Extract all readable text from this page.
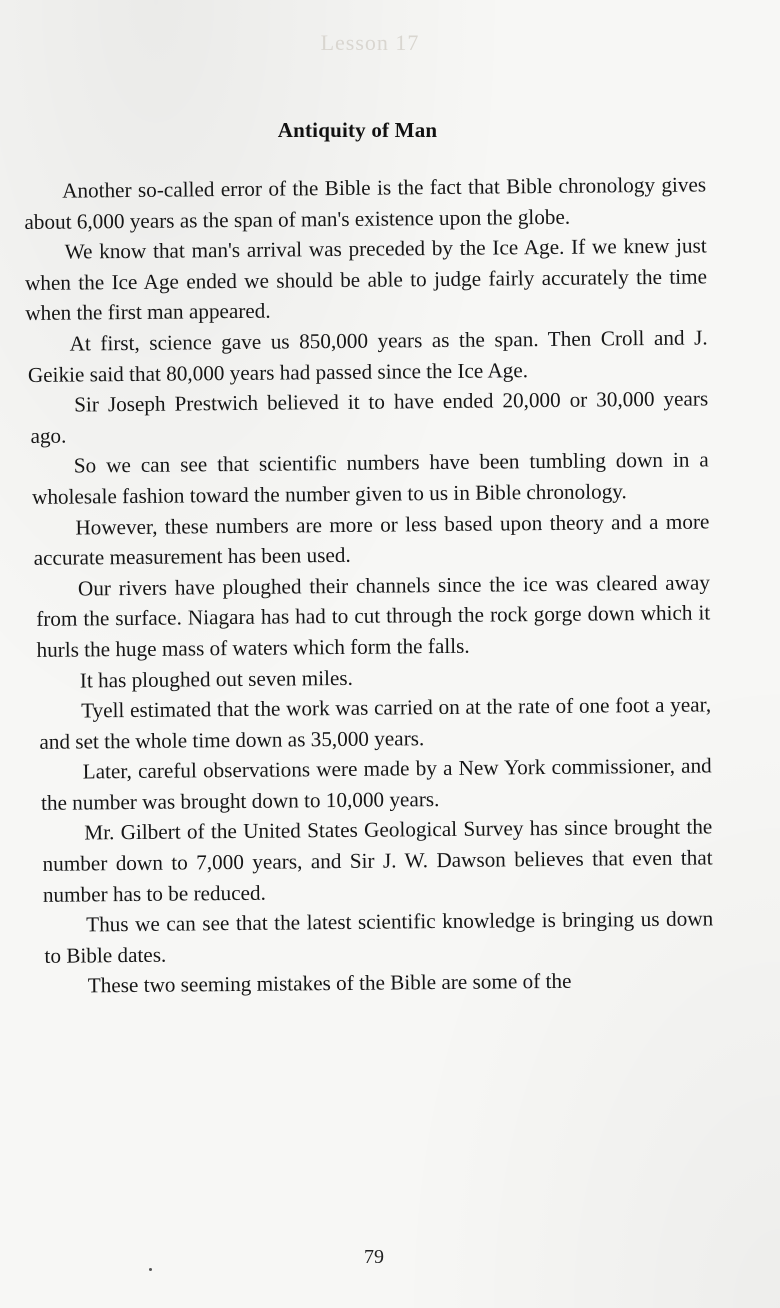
Lesson 17
Antiquity of Man

Another so-called error of the Bible is the fact that Bible chronology gives about 6,000 years as the span of man's existence upon the globe.

We know that man's arrival was preceded by the Ice Age. If we knew just when the Ice Age ended we should be able to judge fairly accurately the time when the first man appeared.

At first, science gave us 850,000 years as the span. Then Croll and J. Geikie said that 80,000 years had passed since the Ice Age.

Sir Joseph Prestwich believed it to have ended 20,000 or 30,000 years ago.

So we can see that scientific numbers have been tumbling down in a wholesale fashion toward the number given to us in Bible chronology.

However, these numbers are more or less based upon theory and a more accurate measurement has been used.

Our rivers have ploughed their channels since the ice was cleared away from the surface. Niagara has had to cut through the rock gorge down which it hurls the huge mass of waters which form the falls.

It has ploughed out seven miles.

Tyell estimated that the work was carried on at the rate of one foot a year, and set the whole time down as 35,000 years.

Later, careful observations were made by a New York commissioner, and the number was brought down to 10,000 years.

Mr. Gilbert of the United States Geological Survey has since brought the number down to 7,000 years, and Sir J. W. Dawson believes that even that number has to be reduced.

Thus we can see that the latest scientific knowledge is bringing us down to Bible dates.

These two seeming mistakes of the Bible are some of the

79
